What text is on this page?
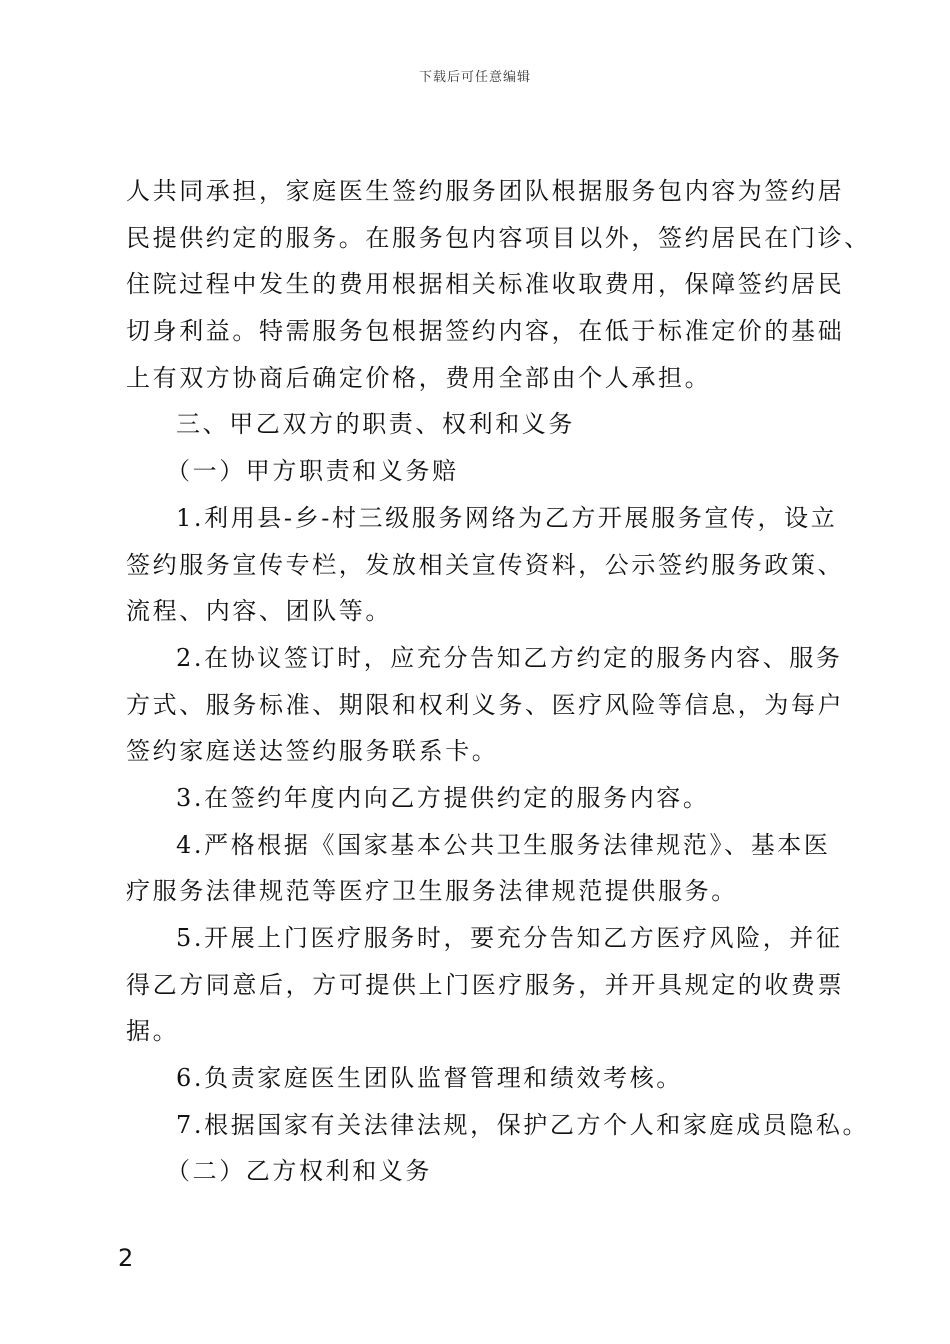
下载后可任意编辑
人共同承担，家庭医生签约服务团队根据服务包内容为签约居
民提供约定的服务。在服务包内容项目以外，签约居民在门诊、
住院过程中发生的费用根据相关标准收取费用，保障签约居民
切身利益。特需服务包根据签约内容，在低于标准定价的基础
上有双方协商后确定价格，费用全部由个人承担。
三、甲乙双方的职责、权利和义务
（一）甲方职责和义务赔
1.利用县-乡-村三级服务网络为乙方开展服务宣传，设立
签约服务宣传专栏，发放相关宣传资料，公示签约服务政策、
流程、内容、团队等。
2.在协议签订时，应充分告知乙方约定的服务内容、服务
方式、服务标准、期限和权利义务、医疗风险等信息，为每户
签约家庭送达签约服务联系卡。
3.在签约年度内向乙方提供约定的服务内容。
4.严格根据《国家基本公共卫生服务法律规范》、基本医
疗服务法律规范等医疗卫生服务法律规范提供服务。
5.开展上门医疗服务时，要充分告知乙方医疗风险，并征
得乙方同意后，方可提供上门医疗服务，并开具规定的收费票
据。
6.负责家庭医生团队监督管理和绩效考核。
7.根据国家有关法律法规，保护乙方个人和家庭成员隐私。
（二）乙方权利和义务
2
